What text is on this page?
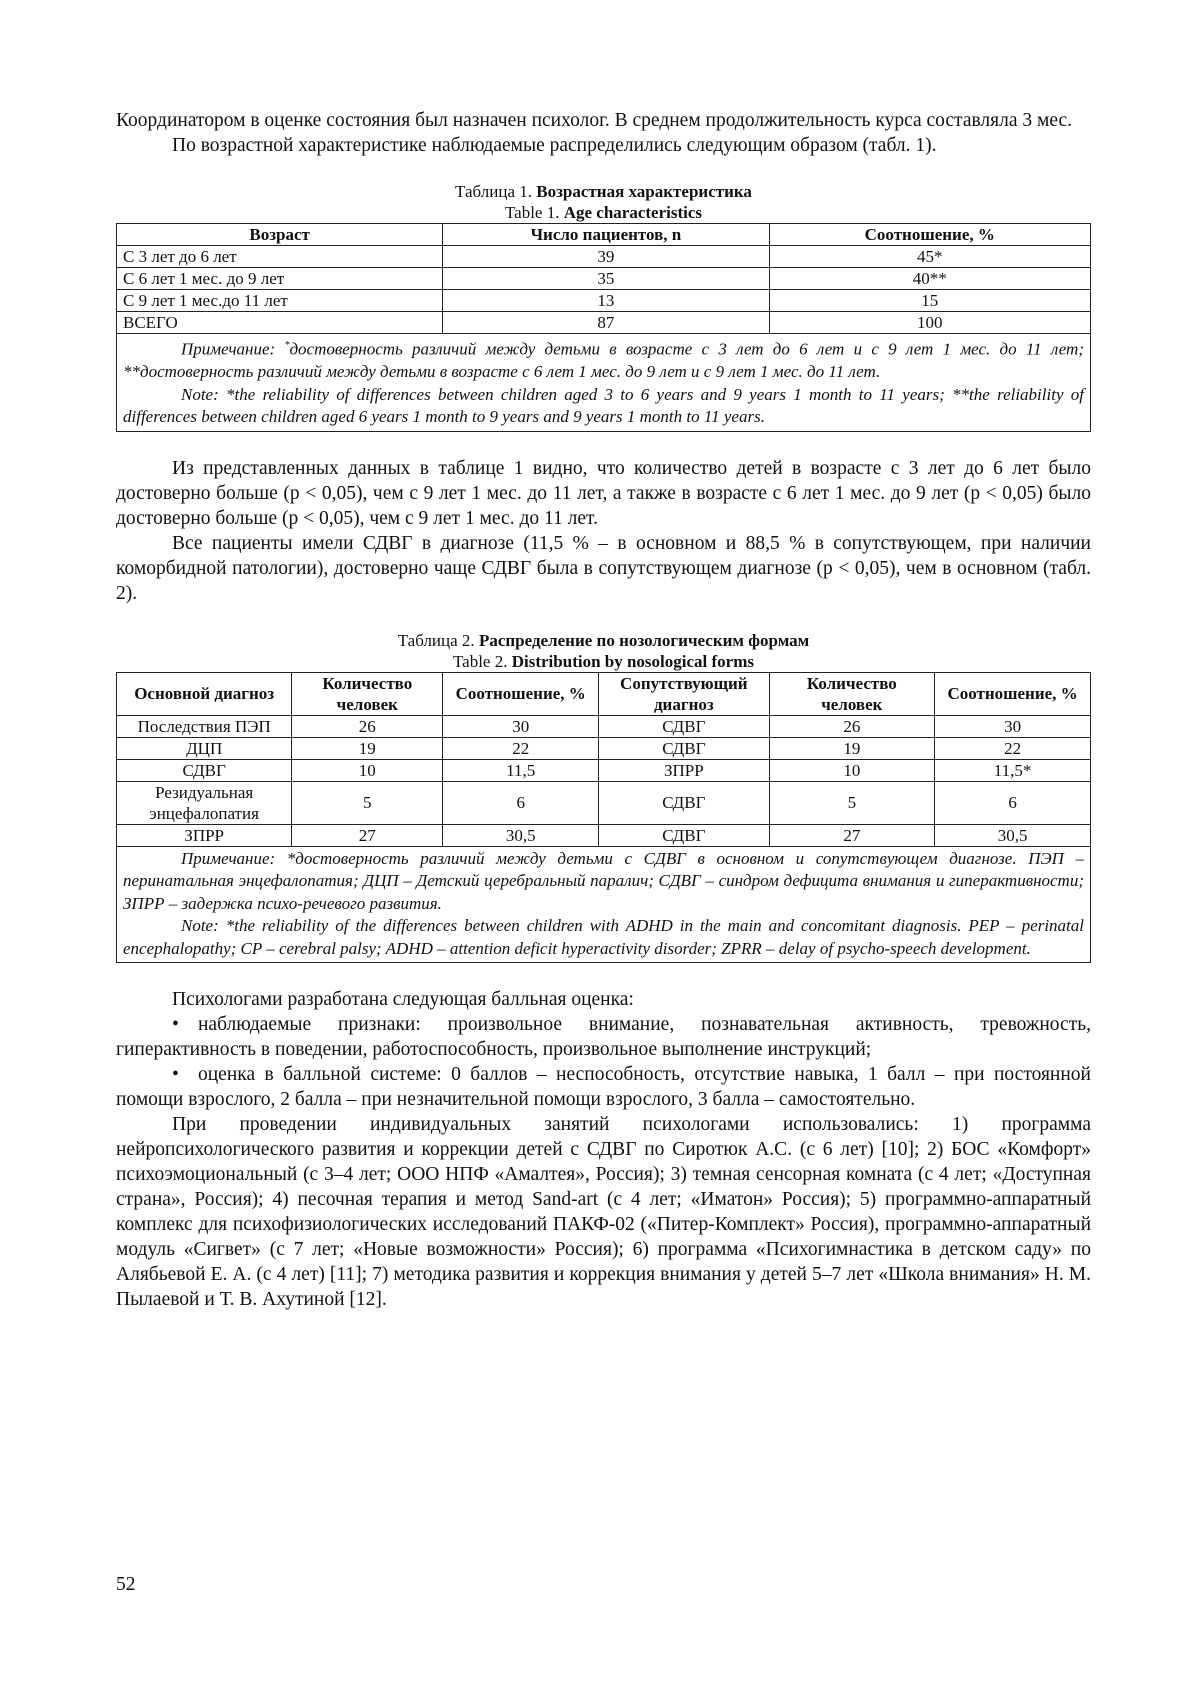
Координатором в оценке состояния был назначен психолог. В среднем продолжительность курса составляла 3 мес.

По возрастной характеристике наблюдаемые распределились следующим образом (табл. 1).

Таблица 1. Возрастная характеристика
Table 1. Age characteristics
Возраст	Число пациентов, n	Соотношение, %
С 3 лет до 6 лет	39	45*
С 6 лет 1 мес. до 9 лет	35	40**
С 9 лет 1 мес.до 11 лет	13	15
ВСЕГО	87	100

Примечание: *достоверность различий между детьми в возрасте с 3 лет до 6 лет и с 9 лет 1 мес. до 11 лет; **достоверность различий между детьми в возрасте с 6 лет 1 мес. до 9 лет и с 9 лет 1 мес. до 11 лет.
Note: *the reliability of differences between children aged 3 to 6 years and 9 years 1 month to 11 years; **the reliability of differences between children aged 6 years 1 month to 9 years and 9 years 1 month to 11 years.		

Из представленных данных в таблице 1 видно, что количество детей в возрасте с 3 лет до 6 лет было достоверно больше (p < 0,05), чем с 9 лет 1 мес. до 11 лет, а также в возрасте с 6 лет 1 мес. до 9 лет (p < 0,05) было достоверно больше (p < 0,05), чем с 9 лет 1 мес. до 11 лет.

Все пациенты имели СДВГ в диагнозе (11,5 % – в основном и 88,5 % в сопутствующем, при наличии коморбидной патологии), достоверно чаще СДВГ была в сопутствующем диагнозе (p < 0,05), чем в основном (табл. 2).

Таблица 2. Распределение по нозологическим формам
Table 2. Distribution by nosological forms
Основной диагноз	Количество человек	Соотношение, %	Сопутствующий диагноз	Количество человек	Соотношение, %
Последствия ПЭП	26	30	СДВГ	26	30
ДЦП	19	22	СДВГ	19	22
СДВГ	10	11,5	ЗПРР	10	11,5*
Резидуальная энцефалопатия	5	6	СДВГ	5	6
ЗПРР	27	30,5	СДВГ	27	30,5

Примечание: *достоверность различий между детьми с СДВГ в основном и сопутствующем диагнозе. ПЭП – перинатальная энцефалопатия; ДЦП – Детский церебральный паралич; СДВГ – синдром дефицита внимания и гиперактивности; ЗПРР – задержка психо-речевого развития.
Note: *the reliability of the differences between children with ADHD in the main and concomitant diagnosis. PEP – perinatal encephalopathy; CP – cerebral palsy; ADHD – attention deficit hyperactivity disorder; ZPRR – delay of psycho-speech development.					

Психологами разработана следующая балльная оценка:

• наблюдаемые признаки: произвольное внимание, познавательная активность, тревожность, гиперактивность в поведении, работоспособность, произвольное выполнение инструкций;

• оценка в балльной системе: 0 баллов – неспособность, отсутствие навыка, 1 балл – при постоянной помощи взрослого, 2 балла – при незначительной помощи взрослого, 3 балла – самостоятельно.

При проведении индивидуальных занятий психологами использовались: 1) программа нейропсихологического развития и коррекции детей с СДВГ по Сиротюк А.С. (с 6 лет) [10]; 2) БОС «Комфорт» психоэмоциональный (с 3–4 лет; ООО НПФ «Амалтея», Россия); 3) темная сенсорная комната (с 4 лет; «Доступная страна», Россия); 4) песочная терапия и метод Sand-art (с 4 лет; «Иматон» Россия); 5) программно-аппаратный комплекс для психофизиологических исследований ПАКФ-02 («Питер-Комплект» Россия), программно-аппаратный модуль «Сигвет» (с 7 лет; «Новые возможности» Россия); 6) программа «Психогимнастика в детском саду» по Алябьевой Е. А. (с 4 лет) [11]; 7) методика развития и коррекция внимания у детей 5–7 лет «Школа внимания» Н. М. Пылаевой и Т. В. Ахутиной [12].

52
